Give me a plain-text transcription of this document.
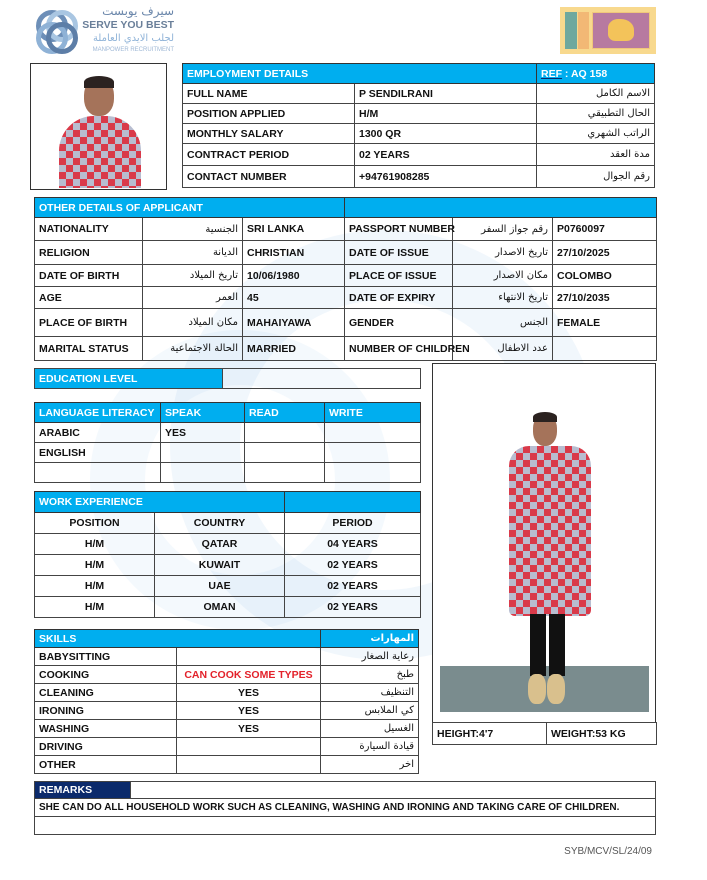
سيرف يوبست
SERVE YOU BEST
لجلب الايدي العاملة
MANPOWER RECRUITMENT
EMPLOYMENT DETAILS		REF : AQ 158
FULL NAME	P SENDILRANI	الاسم الكامل
POSITION APPLIED	H/M	الحال التطبيقي
MONTHLY SALARY	1300 QR	الراتب الشهري
CONTRACT PERIOD	02 YEARS	مدة العقد
CONTACT NUMBER	+94761908285	رقم الجوال
OTHER DETAILS OF APPLICANT					
NATIONALITY	الجنسية	SRI LANKA	PASSPORT NUMBER	رقم جواز السفر	P0760097
RELIGION	الديانة	CHRISTIAN	DATE OF ISSUE	تاريخ الاصدار	27/10/2025
DATE OF BIRTH	تاريخ الميلاد	10/06/1980	PLACE OF ISSUE	مكان الاصدار	COLOMBO
AGE	العمر	45	DATE OF EXPIRY	تاريخ الانتهاء	27/10/2035
PLACE OF BIRTH	مكان الميلاد	MAHAIYAWA	GENDER	الجنس	FEMALE
MARITAL STATUS	الحالة الاجتماعية	MARRIED	NUMBER OF CHILDREN	عدد الاطفال	
EDUCATION LEVEL	
LANGUAGE LITERACY	SPEAK	READ	WRITE
ARABIC	YES		
ENGLISH			

WORK EXPERIENCE		
POSITION	COUNTRY	PERIOD
H/M	QATAR	04 YEARS
H/M	KUWAIT	02 YEARS
H/M	UAE	02 YEARS
H/M	OMAN	02 YEARS
SKILLS		المهارات
BABYSITTING		رعاية الصغار
COOKING	CAN COOK SOME TYPES	طبخ
CLEANING	YES	التنظيف
IRONING	YES	كي الملابس
WASHING	YES	الغسيل
DRIVING		قيادة السيارة
OTHER		اخر
HEIGHT:4'7	WEIGHT:53 KG
REMARKS	
SHE CAN DO ALL HOUSEHOLD WORK SUCH AS CLEANING, WASHING AND IRONING AND TAKING CARE OF CHILDREN.

SYB/MCV/SL/24/09
